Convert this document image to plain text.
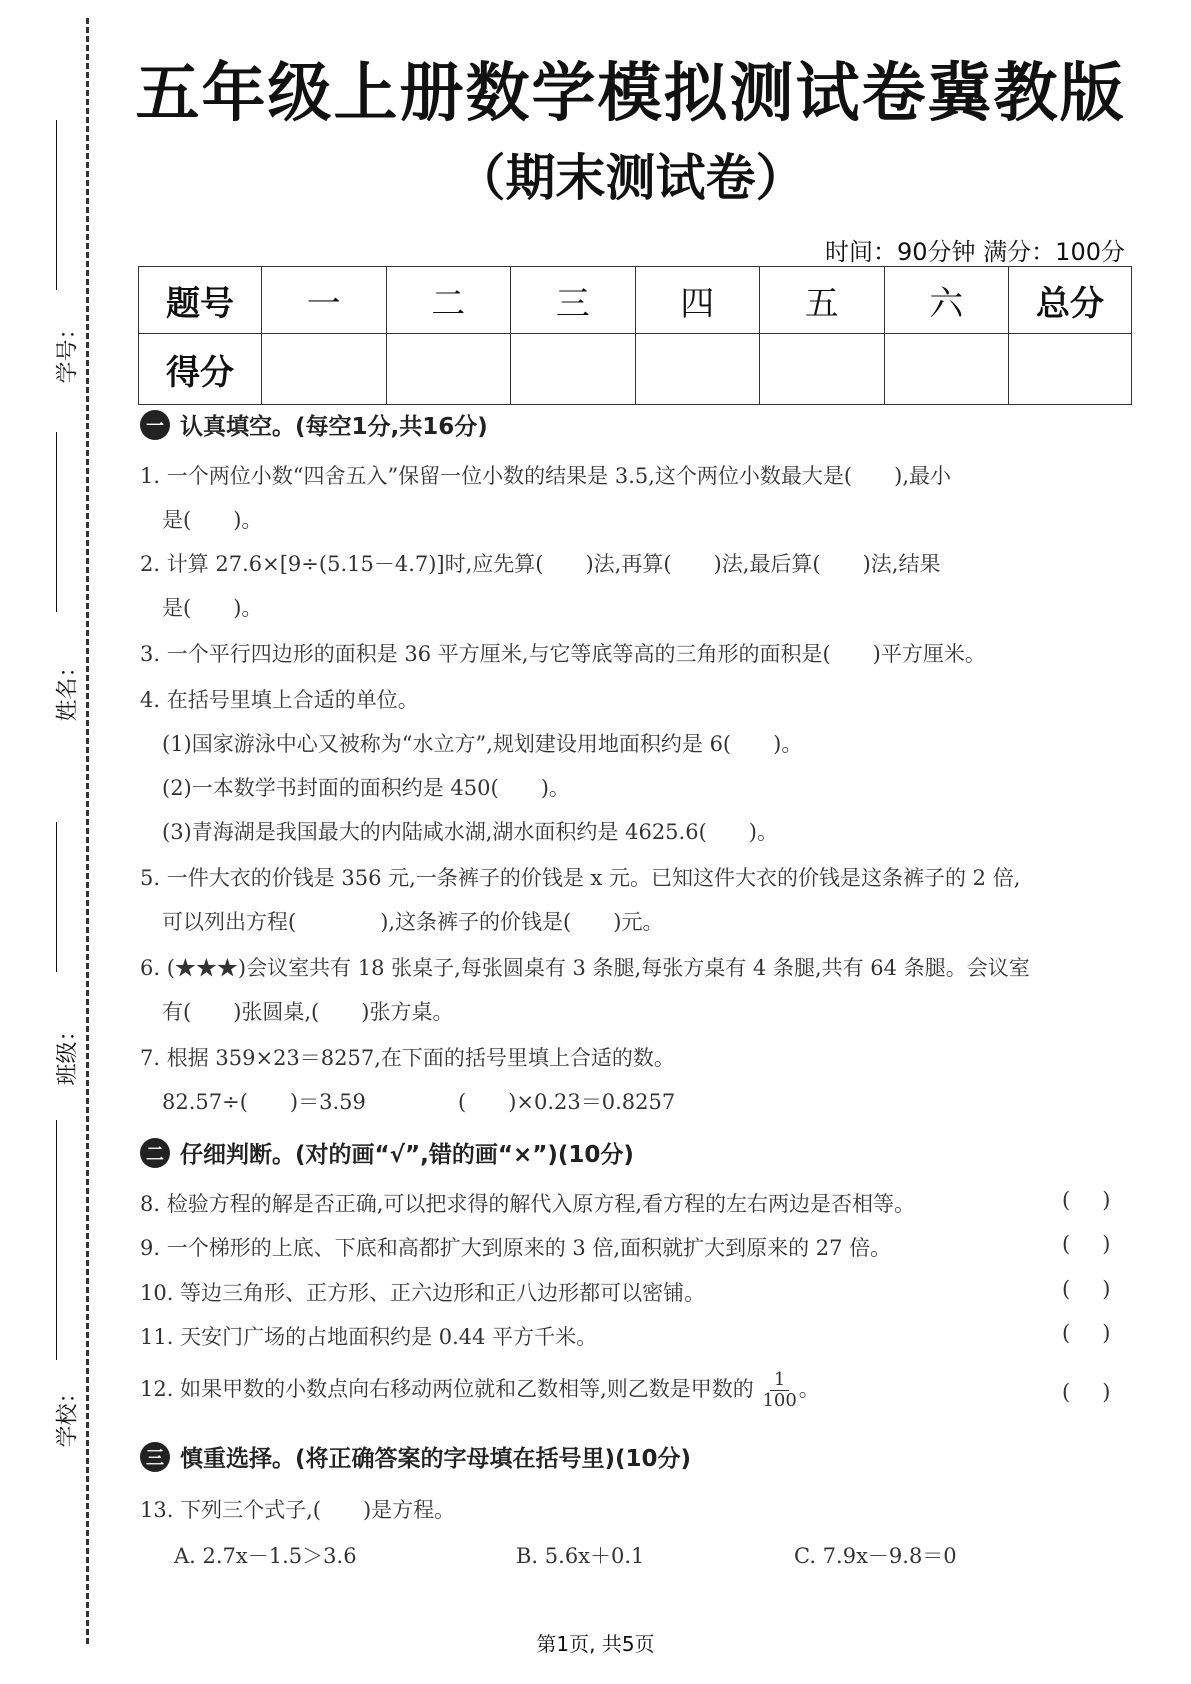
学号：
姓名：
班级：
学校：
五年级上册数学模拟测试卷冀教版
（期末测试卷）
时间：90分钟 满分：100分
题号	一	二	三	四	五	六	总分
得分							
一 认真填空。(每空1分,共16分)
1. 一个两位小数“四舍五入”保留一位小数的结果是 3.5,这个两位小数最大是(　　),最小
是(　　)。
2. 计算 27.6×[9÷(5.15－4.7)]时,应先算(　　)法,再算(　　)法,最后算(　　)法,结果
是(　　)。
3. 一个平行四边形的面积是 36 平方厘米,与它等底等高的三角形的面积是(　　)平方厘米。
4. 在括号里填上合适的单位。
(1)国家游泳中心又被称为“水立方”,规划建设用地面积约是 6(　　)。
(2)一本数学书封面的面积约是 450(　　)。
(3)青海湖是我国最大的内陆咸水湖,湖水面积约是 4625.6(　　)。
5. 一件大衣的价钱是 356 元,一条裤子的价钱是 x 元。已知这件大衣的价钱是这条裤子的 2 倍,
可以列出方程(　　　　),这条裤子的价钱是(　　)元。
6. (★★★)会议室共有 18 张桌子,每张圆桌有 3 条腿,每张方桌有 4 条腿,共有 64 条腿。会议室
有(　　)张圆桌,(　　)张方桌。
7. 根据 359×23＝8257,在下面的括号里填上合适的数。
82.57÷(　　)＝3.59	(　　)×0.23＝0.8257
二 仔细判断。(对的画“√”,错的画“×”)(10分)
8. 检验方程的解是否正确,可以把求得的解代入原方程,看方程的左右两边是否相等。	()
9. 一个梯形的上底、下底和高都扩大到原来的 3 倍,面积就扩大到原来的 27 倍。	()
10. 等边三角形、正方形、正六边形和正八边形都可以密铺。	()
11. 天安门广场的占地面积约是 0.44 平方千米。	()
12. 如果甲数的小数点向右移动两位就和乙数相等,则乙数是甲数的 $\frac{1}{100}$ 。	()
三 慎重选择。(将正确答案的字母填在括号里)(10分)
13. 下列三个式子,(　　)是方程。
A. 2.7x－1.5＞3.6	B. 5.6x＋0.1	C. 7.9x－9.8＝0
第1页, 共5页
